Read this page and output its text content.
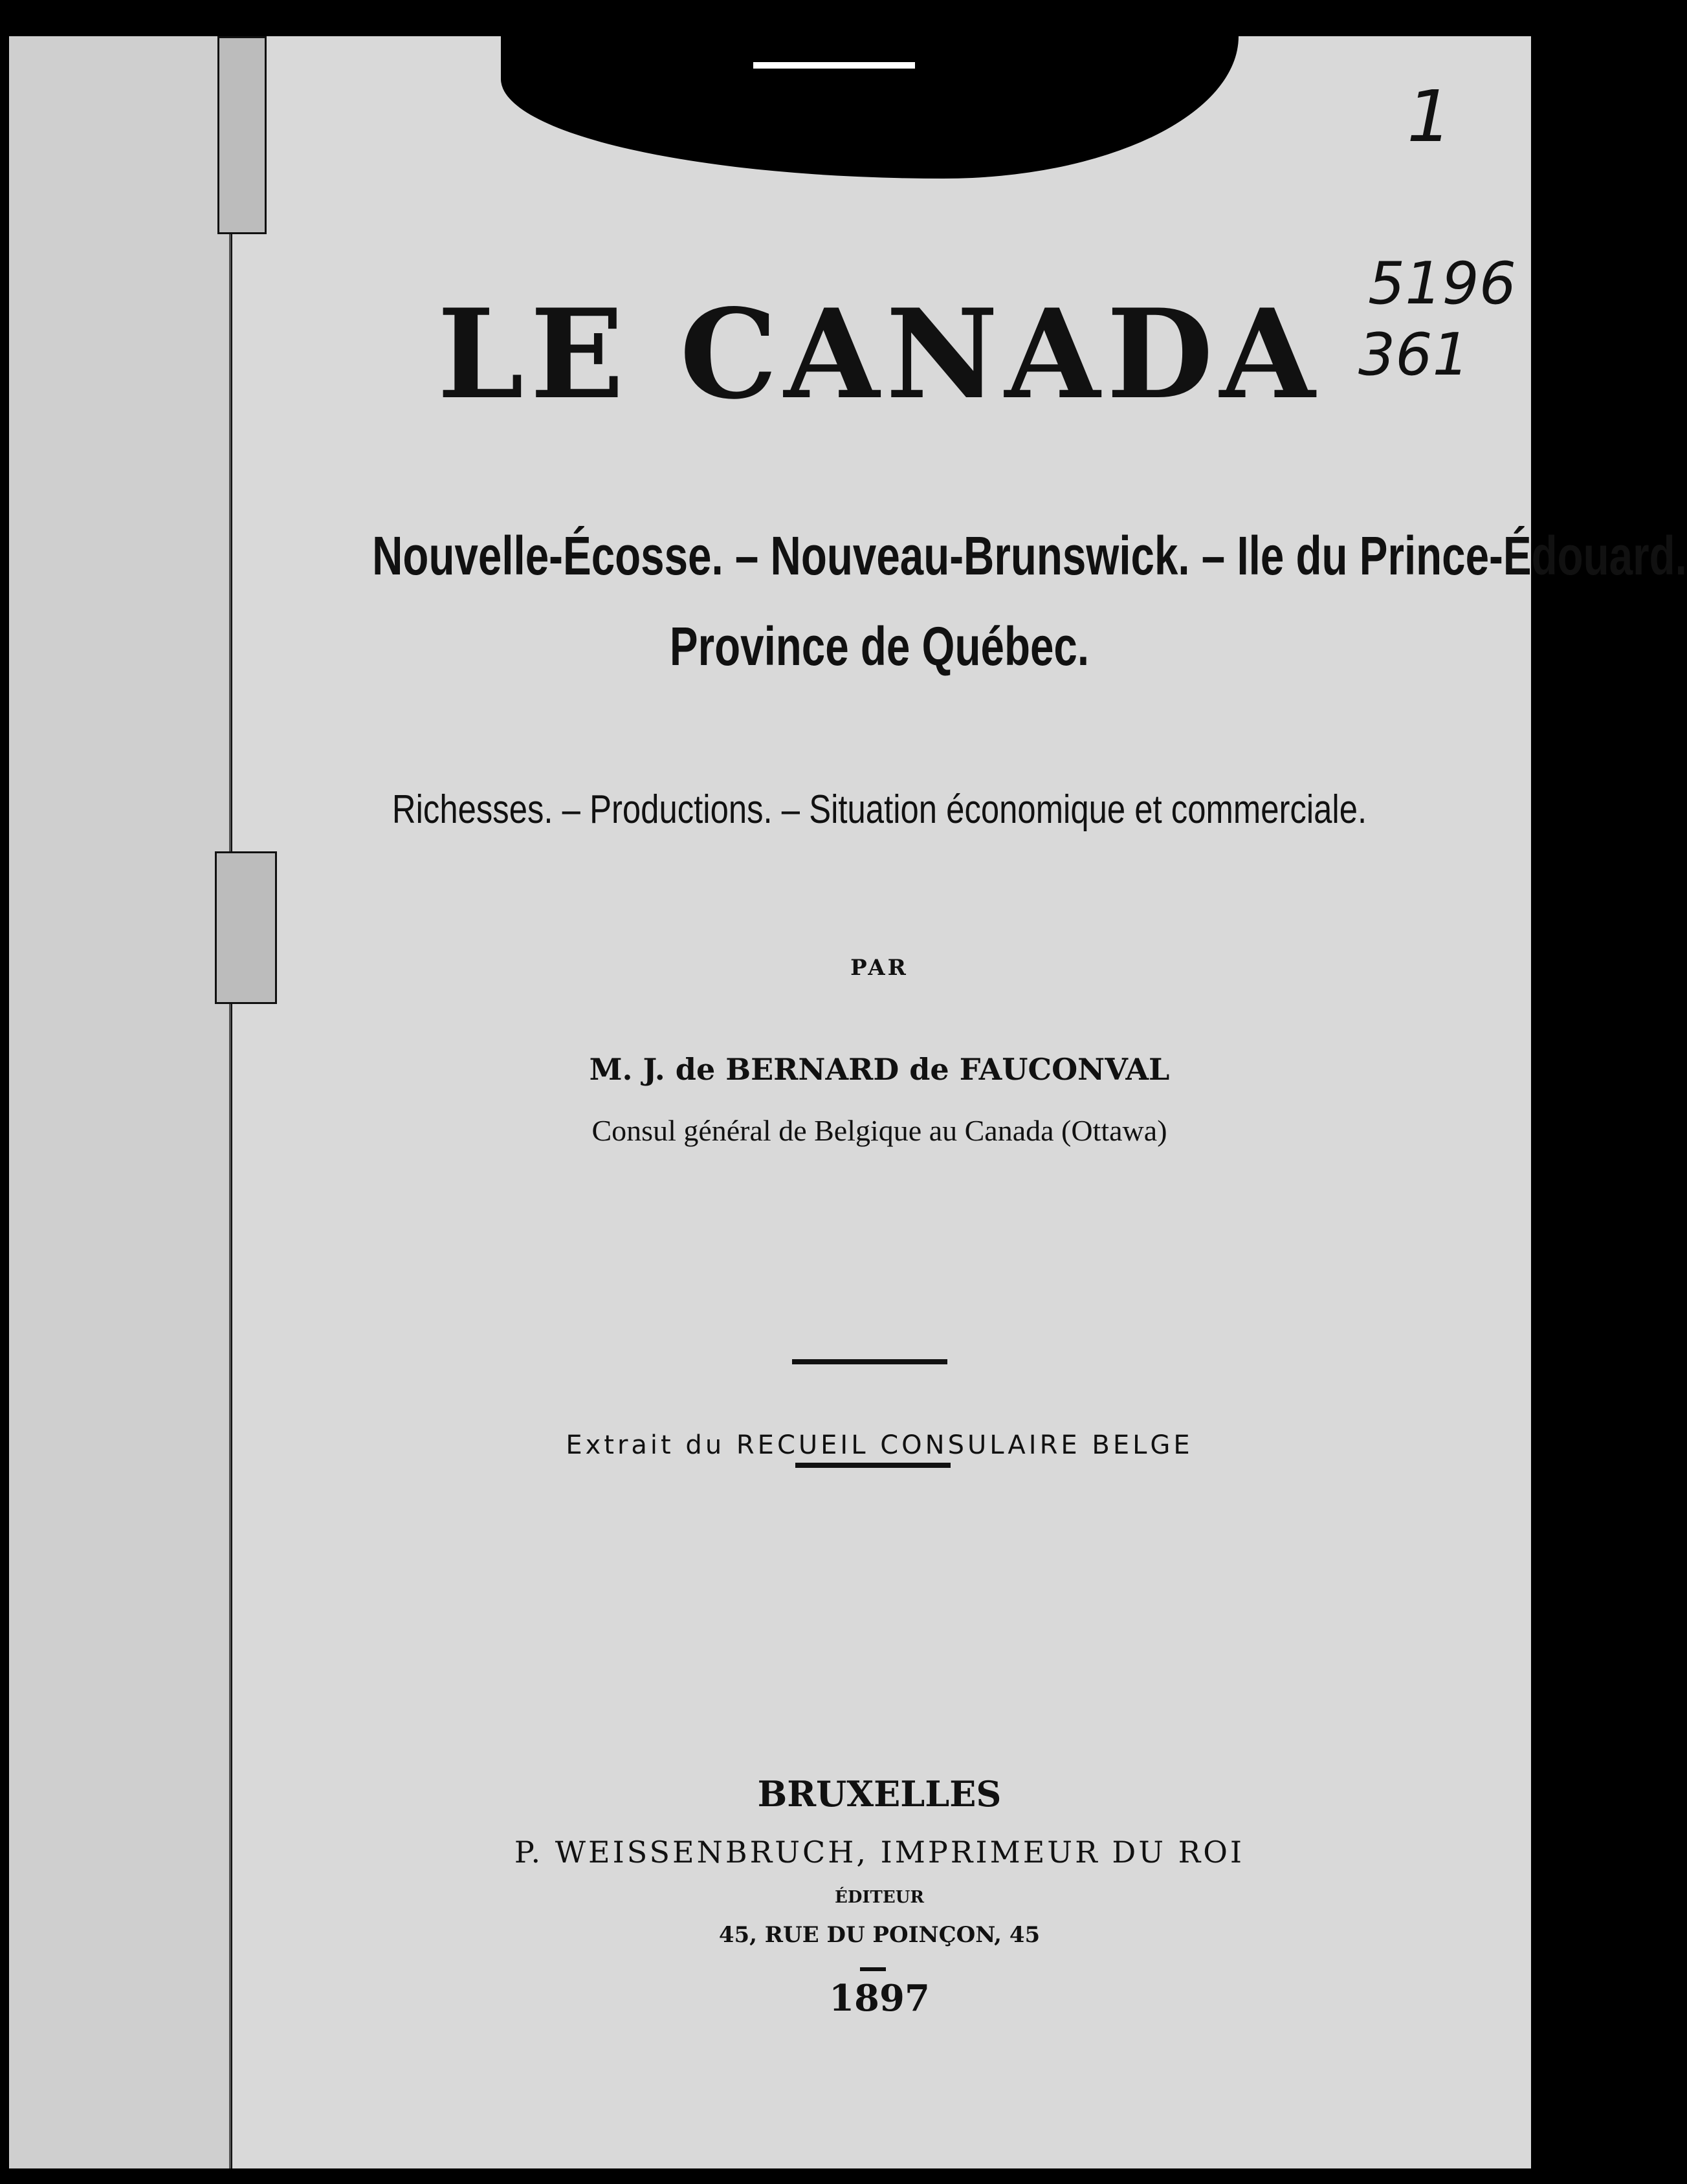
1
5196
361
LE CANADA
Nouvelle-Écosse. – Nouveau-Brunswick. – Ile du Prince-Édouard.
Province de Québec.
Richesses. – Productions. – Situation économique et commerciale.
PAR
M. J. de BERNARD de FAUCONVAL
Consul général de Belgique au Canada (Ottawa)
Extrait du RECUEIL CONSULAIRE BELGE
BRUXELLES
P. WEISSENBRUCH, IMPRIMEUR DU ROI
ÉDITEUR
45, RUE DU POINÇON, 45
1897
